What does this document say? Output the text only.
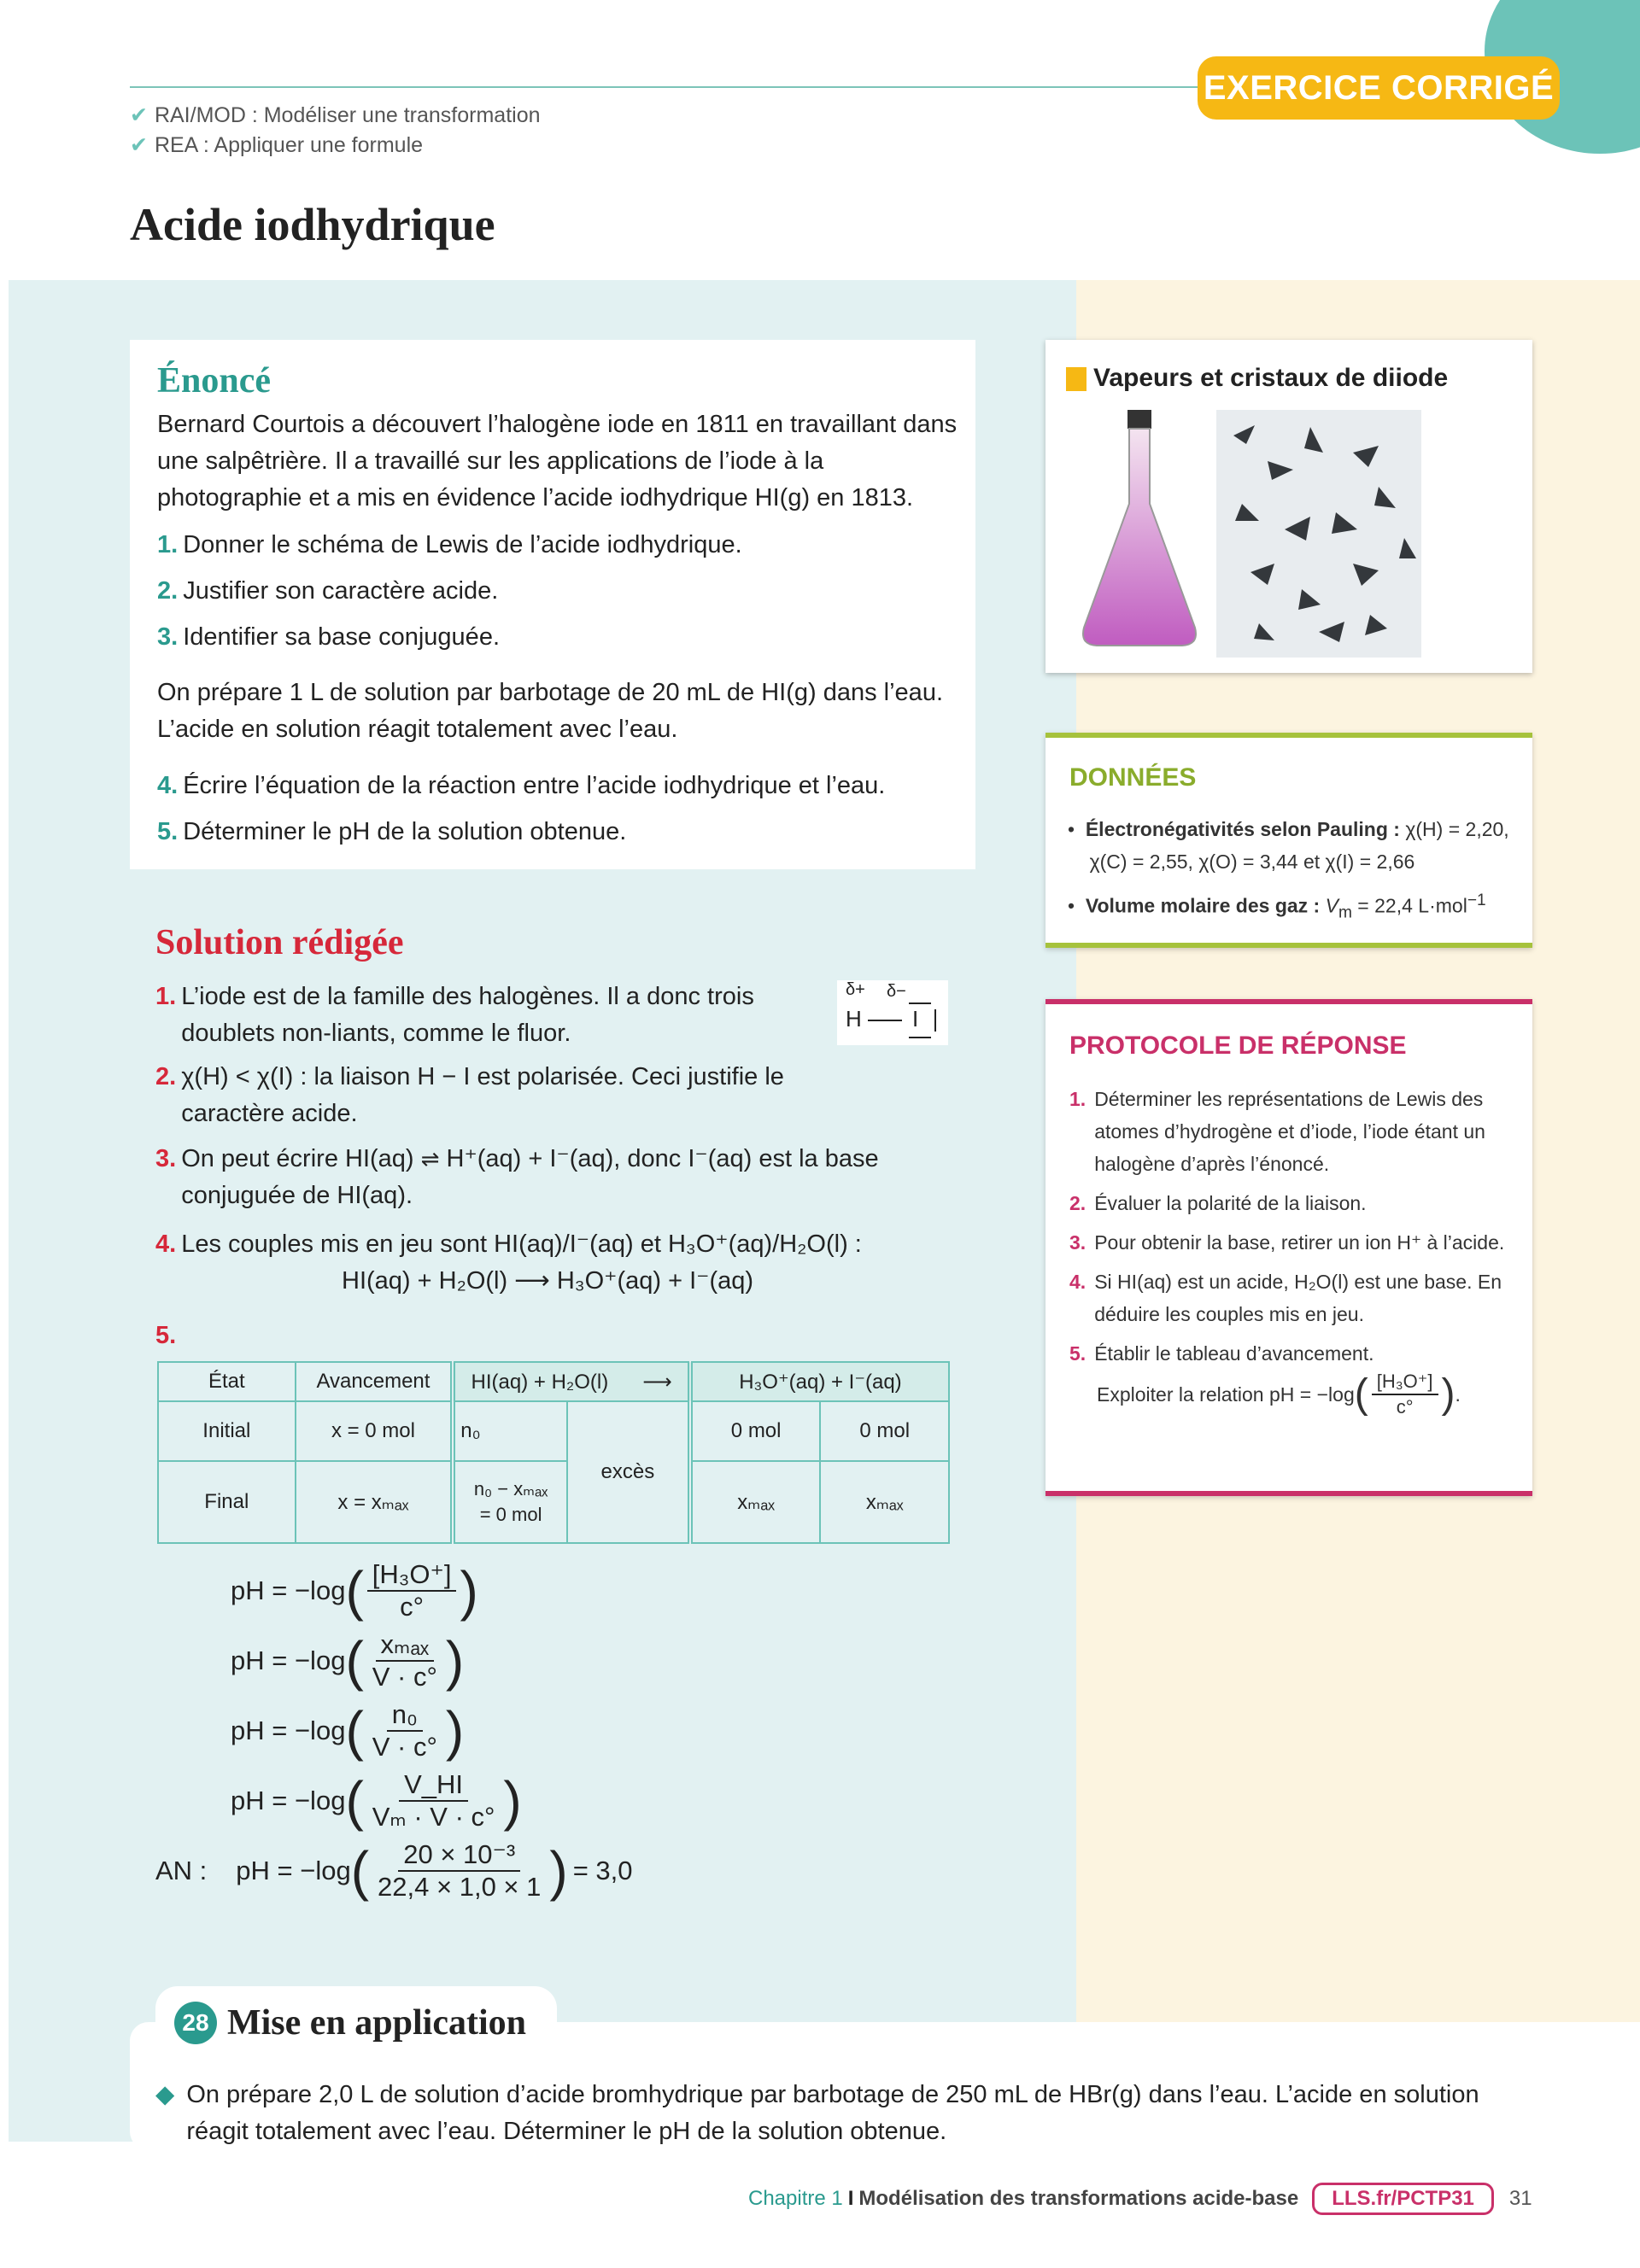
EXERCICE CORRIGÉ
✔ RAI/MOD : Modéliser une transformation
✔ REA : Appliquer une formule
Acide iodhydrique
Énoncé
Bernard Courtois a découvert l’halogène iode en 1811 en travaillant dans une salpêtrière. Il a travaillé sur les applications de l’iode à la photographie et a mis en évidence l’acide iodhydrique HI(g) en 1813.
1. Donner le schéma de Lewis de l’acide iodhydrique.
2. Justifier son caractère acide.
3. Identifier sa base conjuguée.
On prépare 1 L de solution par barbotage de 20 mL de HI(g) dans l’eau. L’acide en solution réagit totalement avec l’eau.
4. Écrire l’équation de la réaction entre l’acide iodhydrique et l’eau.
5. Déterminer le pH de la solution obtenue.
Vapeurs et cristaux de diiode
DONNÉES
• Électronégativités selon Pauling : χ(H) = 2,20,
χ(C) = 2,55, χ(O) = 3,44 et χ(I) = 2,66
• Volume molaire des gaz : $V_m = 22,4$ L·mol$^{-1}$
PROTOCOLE DE RÉPONSE
1. Déterminer les représentations de Lewis des atomes d’hydrogène et d’iode, l’iode étant un halogène d’après l’énoncé.
2. Évaluer la polarité de la liaison.
3. Pour obtenir la base, retirer un ion H⁺ à l’acide.
4. Si HI(aq) est un acide, H₂O(l) est une base. En déduire les couples mis en jeu.
5. Établir le tableau d’avancement.
Exploiter la relation pH = −log ( $\frac{\text{[H₃O⁺]}}{c^\circ}$ ) .
Solution rédigée
1. L’iode est de la famille des halogènes. Il a donc trois doublets non-liants, comme le fluor.
δ+ δ−
H I
2. χ(H) < χ(I) : la liaison H − I est polarisée. Ceci justifie le caractère acide.
3. On peut écrire HI(aq) ⇌ H⁺(aq) + I⁻(aq), donc I⁻(aq) est la base conjuguée de HI(aq).
4. Les couples mis en jeu sont HI(aq)/I⁻(aq) et H₃O⁺(aq)/H₂O(l) :
HI(aq) + H₂O(l) ⟶ H₃O⁺(aq) + I⁻(aq)
5.
État	Avancement	HI(aq) + H₂O(l) ⟶		H₃O⁺(aq) + I⁻(aq)	
Initial	x = 0 mol	n₀	excès	0 mol	0 mol
Final	x = xₘₐₓ	n₀ − xₘₐₓ
= 0 mol		xₘₐₓ	xₘₐₓ
pH = −log ( $\frac{\text{[H₃O⁺]}}{c^\circ}$ )
pH = −log ( $\frac{\text{xₘₐₓ}}{V \cdot c^\circ}$ )
pH = −log ( $\frac{\text{n₀}}{V \cdot c^\circ}$ )
pH = −log ( $\frac{V\_HI}{\text{Vₘ · V · c°}}$ )
AN : pH = −log ( $\frac{\text{20 × 10⁻³}}{22,4 \times 1,0 \times 1}$ ) = 3,0
28 Mise en application
◆ On prépare 2,0 L de solution d’acide bromhydrique par barbotage de 250 mL de HBr(g) dans l’eau. L’acide en solution réagit totalement avec l’eau. Déterminer le pH de la solution obtenue.
Chapitre 1 I Modélisation des transformations acide-base	LLS.fr/PCTP31	31
